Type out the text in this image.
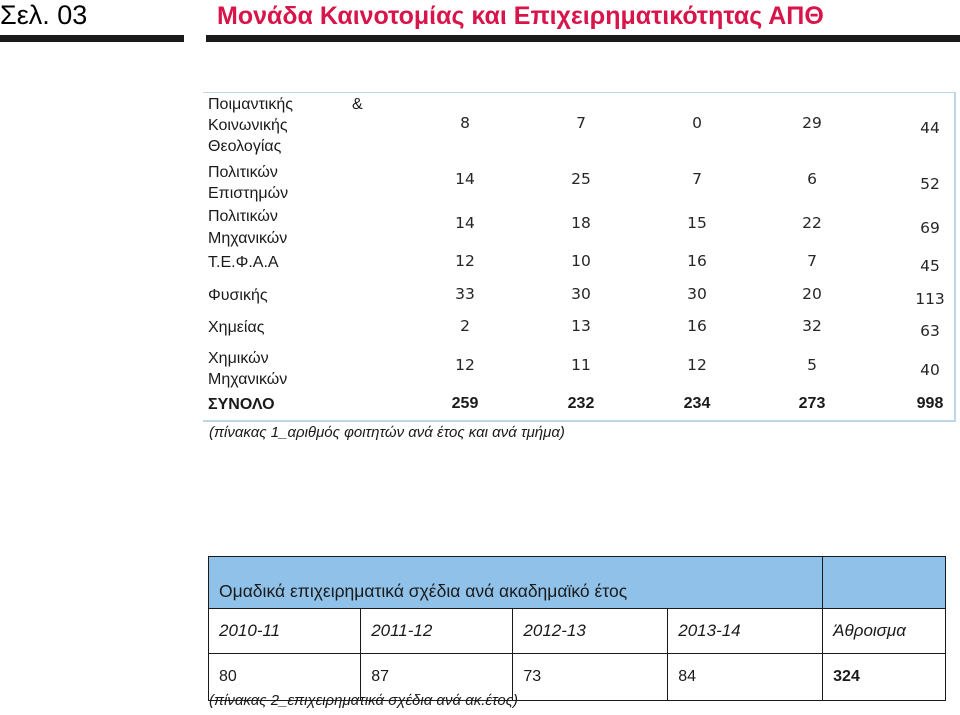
Σελ. 03	Μονάδα Καινοτομίας και Επιχειρηματικότητας ΑΠΘ
Ποιμαντικής	&
Κοινωνικής
Θεολογίας
8	7	0	29	44
Πολιτικών
Επιστημών
14	25	7	6	52
Πολιτικών
Μηχανικών
14	18	15	22	69
Τ.Ε.Φ.Α.Α	12	10	16	7	45
Φυσικής	33	30	30	20	113
Χημείας	2	13	16	32	63
Χημικών
Μηχανικών
12	11	12	5	40
ΣΥΝΟΛΟ	259	232	234	273	998
(πίνακας 1_αριθμός φοιτητών ανά έτος και ανά τμήμα)
Ομαδικά επιχειρηματικά σχέδια ανά ακαδημαϊκό έτος				
2010-11	2011-12	2012-13	2013-14	Άθροισμα
80	87	73	84	324
(πίνακας 2_επιχειρηματικά σχέδια ανά ακ.έτος)
